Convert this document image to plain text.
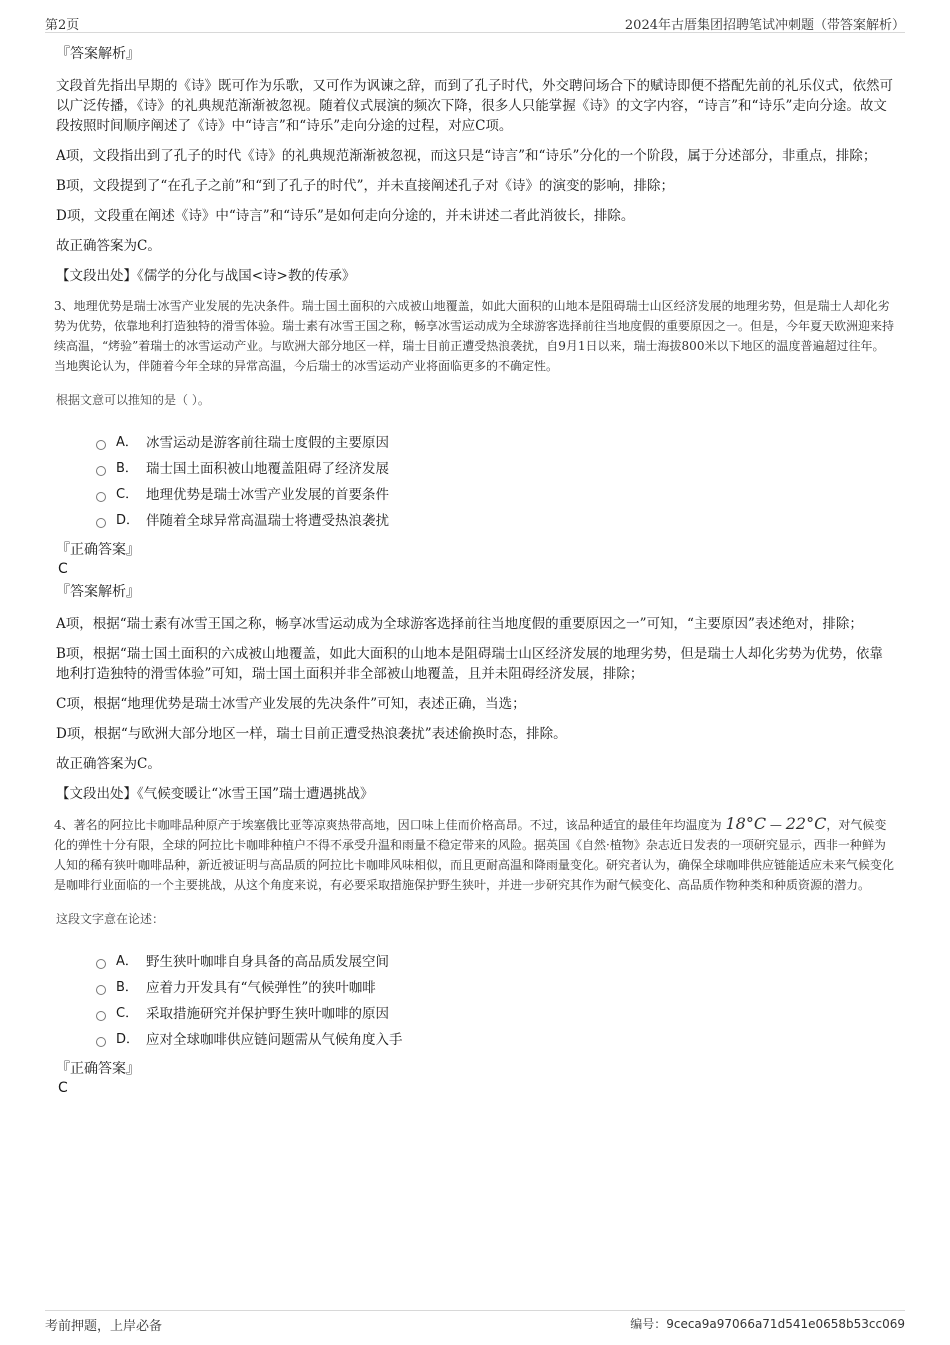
第2页	2024年古厝集团招聘笔试冲刺题（带答案解析）

『答案解析』

文段首先指出早期的《诗》既可作为乐歌，又可作为讽谏之辞，而到了孔子时代，外交聘问场合下的赋诗即便不搭配先前的礼乐仪式，依然可以广泛传播，《诗》的礼典规范渐渐被忽视。随着仪式展演的频次下降，很多人只能掌握《诗》的文字内容，“诗言”和“诗乐”走向分途。故文段按照时间顺序阐述了《诗》中“诗言”和“诗乐”走向分途的过程，对应C项。

A项，文段指出到了孔子的时代《诗》的礼典规范渐渐被忽视，而这只是“诗言”和“诗乐”分化的一个阶段，属于分述部分，非重点，排除；

B项，文段提到了“在孔子之前”和“到了孔子的时代”，并未直接阐述孔子对《诗》的演变的影响，排除；

D项，文段重在阐述《诗》中“诗言”和“诗乐”是如何走向分途的，并未讲述二者此消彼长，排除。

故正确答案为C。

【文段出处】《儒学的分化与战国<诗>教的传承》

3、地理优势是瑞士冰雪产业发展的先决条件。瑞士国土面积的六成被山地覆盖，如此大面积的山地本是阻碍瑞士山区经济发展的地理劣势，但是瑞士人却化劣势为优势，依靠地利打造独特的滑雪体验。瑞士素有冰雪王国之称，畅享冰雪运动成为全球游客选择前往当地度假的重要原因之一。但是，今年夏天欧洲迎来持续高温，“烤验”着瑞士的冰雪运动产业。与欧洲大部分地区一样，瑞士目前正遭受热浪袭扰，自9月1日以来，瑞士海拔800米以下地区的温度普遍超过往年。当地舆论认为，伴随着今年全球的异常高温，今后瑞士的冰雪运动产业将面临更多的不确定性。

根据文意可以推知的是（ ）。

A． 冰雪运动是游客前往瑞士度假的主要原因
B． 瑞士国土面积被山地覆盖阻碍了经济发展
C． 地理优势是瑞士冰雪产业发展的首要条件
D． 伴随着全球异常高温瑞士将遭受热浪袭扰

『正确答案』

C

『答案解析』

A项，根据“瑞士素有冰雪王国之称，畅享冰雪运动成为全球游客选择前往当地度假的重要原因之一”可知，“主要原因”表述绝对，排除；

B项，根据“瑞士国土面积的六成被山地覆盖，如此大面积的山地本是阻碍瑞士山区经济发展的地理劣势，但是瑞士人却化劣势为优势，依靠地利打造独特的滑雪体验”可知，瑞士国土面积并非全部被山地覆盖，且并未阻碍经济发展，排除；

C项，根据“地理优势是瑞士冰雪产业发展的先决条件”可知，表述正确，当选；

D项，根据“与欧洲大部分地区一样，瑞士目前正遭受热浪袭扰”表述偷换时态，排除。

故正确答案为C。

【文段出处】《气候变暖让“冰雪王国”瑞士遭遇挑战》

4、著名的阿拉比卡咖啡品种原产于埃塞俄比亚等凉爽热带高地，因口味上佳而价格高昂。不过，该品种适宜的最佳年均温度为 18°C — 22°C，对气候变化的弹性十分有限，全球的阿拉比卡咖啡种植户不得不承受升温和雨量不稳定带来的风险。据英国《自然·植物》杂志近日发表的一项研究显示，西非一种鲜为人知的稀有狭叶咖啡品种，新近被证明与高品质的阿拉比卡咖啡风味相似，而且更耐高温和降雨量变化。研究者认为，确保全球咖啡供应链能适应未来气候变化是咖啡行业面临的一个主要挑战，从这个角度来说，有必要采取措施保护野生狭叶，并进一步研究其作为耐气候变化、高品质作物种类和种质资源的潜力。

这段文字意在论述：

A． 野生狭叶咖啡自身具备的高品质发展空间
B． 应着力开发具有“气候弹性”的狭叶咖啡
C． 采取措施研究并保护野生狭叶咖啡的原因
D． 应对全球咖啡供应链问题需从气候角度入手

『正确答案』

C

考前押题，上岸必备	编号：9ceca9a97066a71d541e0658b53cc069
